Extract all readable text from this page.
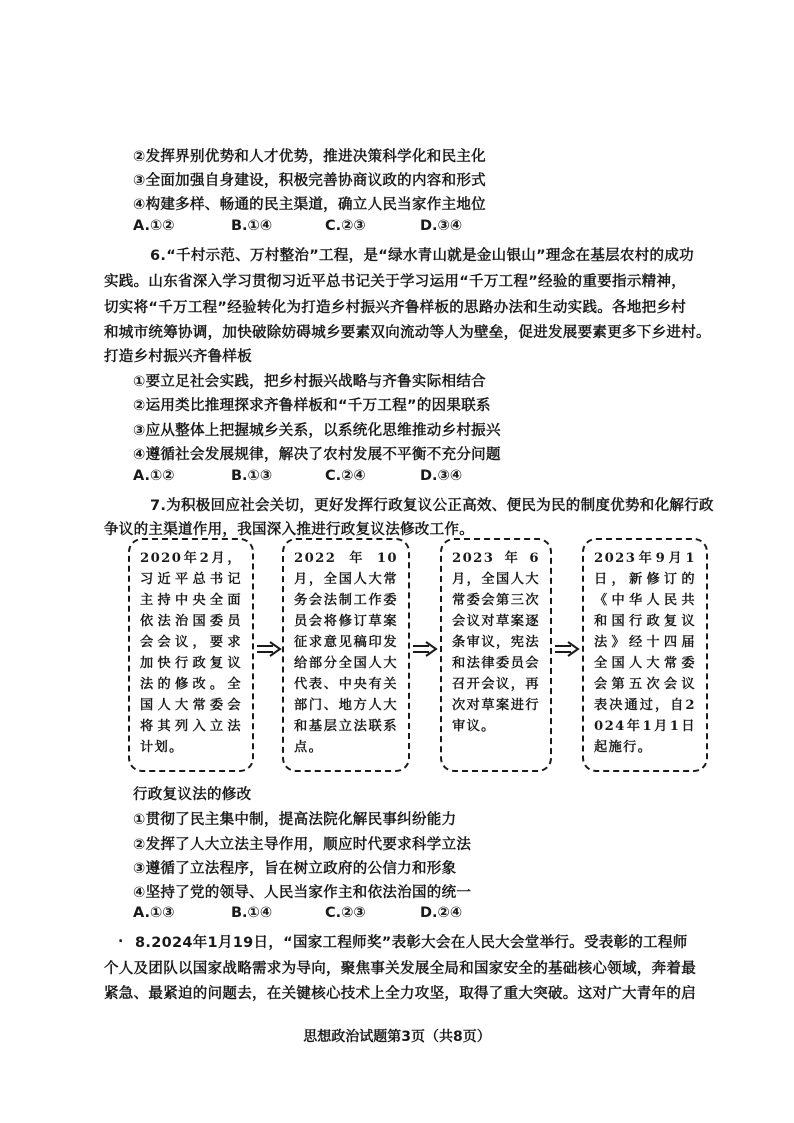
②发挥界别优势和人才优势，推进决策科学化和民主化
③全面加强自身建设，积极完善协商议政的内容和形式
④构建多样、畅通的民主渠道，确立人民当家作主地位
A.①②	B.①④	C.②③	D.③④
6.“千村示范、万村整治”工程，是“绿水青山就是金山银山”理念在基层农村的成功
实践。山东省深入学习贯彻习近平总书记关于学习运用“千万工程”经验的重要指示精神，
切实将“千万工程”经验转化为打造乡村振兴齐鲁样板的思路办法和生动实践。各地把乡村
和城市统筹协调，加快破除妨碍城乡要素双向流动等人为壁垒，促进发展要素更多下乡进村。
打造乡村振兴齐鲁样板
①要立足社会实践，把乡村振兴战略与齐鲁实际相结合
②运用类比推理探求齐鲁样板和“千万工程”的因果联系
③应从整体上把握城乡关系，以系统化思维推动乡村振兴
④遵循社会发展规律，解决了农村发展不平衡不充分问题
A.①②	B.①③	C.②④	D.③④
7.为积极回应社会关切，更好发挥行政复议公正高效、便民为民的制度优势和化解行政
争议的主渠道作用，我国深入推进行政复议法修改工作。
2020年2月，习近平总书记主持中央全面依法治国委员会会议，要求加快行政复议法的修改。全国人大常委会将其列入立法计划。
2022年10月，全国人大常务会法制工作委员会将修订草案征求意见稿印发给部分全国人大代表、中央有关部门、地方人大和基层立法联系点。
2023年6月，全国人大常委会第三次会议对草案逐条审议，宪法和法律委员会召开会议，再次对草案进行审议。
2023年9月1日，新修订的《中华人民共和国行政复议法》经十四届全国人大常委会第五次会议表决通过，自2024年1月1日起施行。
行政复议法的修改
①贯彻了民主集中制，提高法院化解民事纠纷能力
②发挥了人大立法主导作用，顺应时代要求科学立法
③遵循了立法程序，旨在树立政府的公信力和形象
④坚持了党的领导、人民当家作主和依法治国的统一
A.①③	B.①④	C.②③	D.②④
. 8.2024年1月19日，“国家工程师奖”表彰大会在人民大会堂举行。受表彰的工程师
个人及团队以国家战略需求为导向，聚焦事关发展全局和国家安全的基础核心领域，奔着最
紧急、最紧迫的问题去，在关键核心技术上全力攻坚，取得了重大突破。这对广大青年的启
思想政治试题第3页（共8页）
